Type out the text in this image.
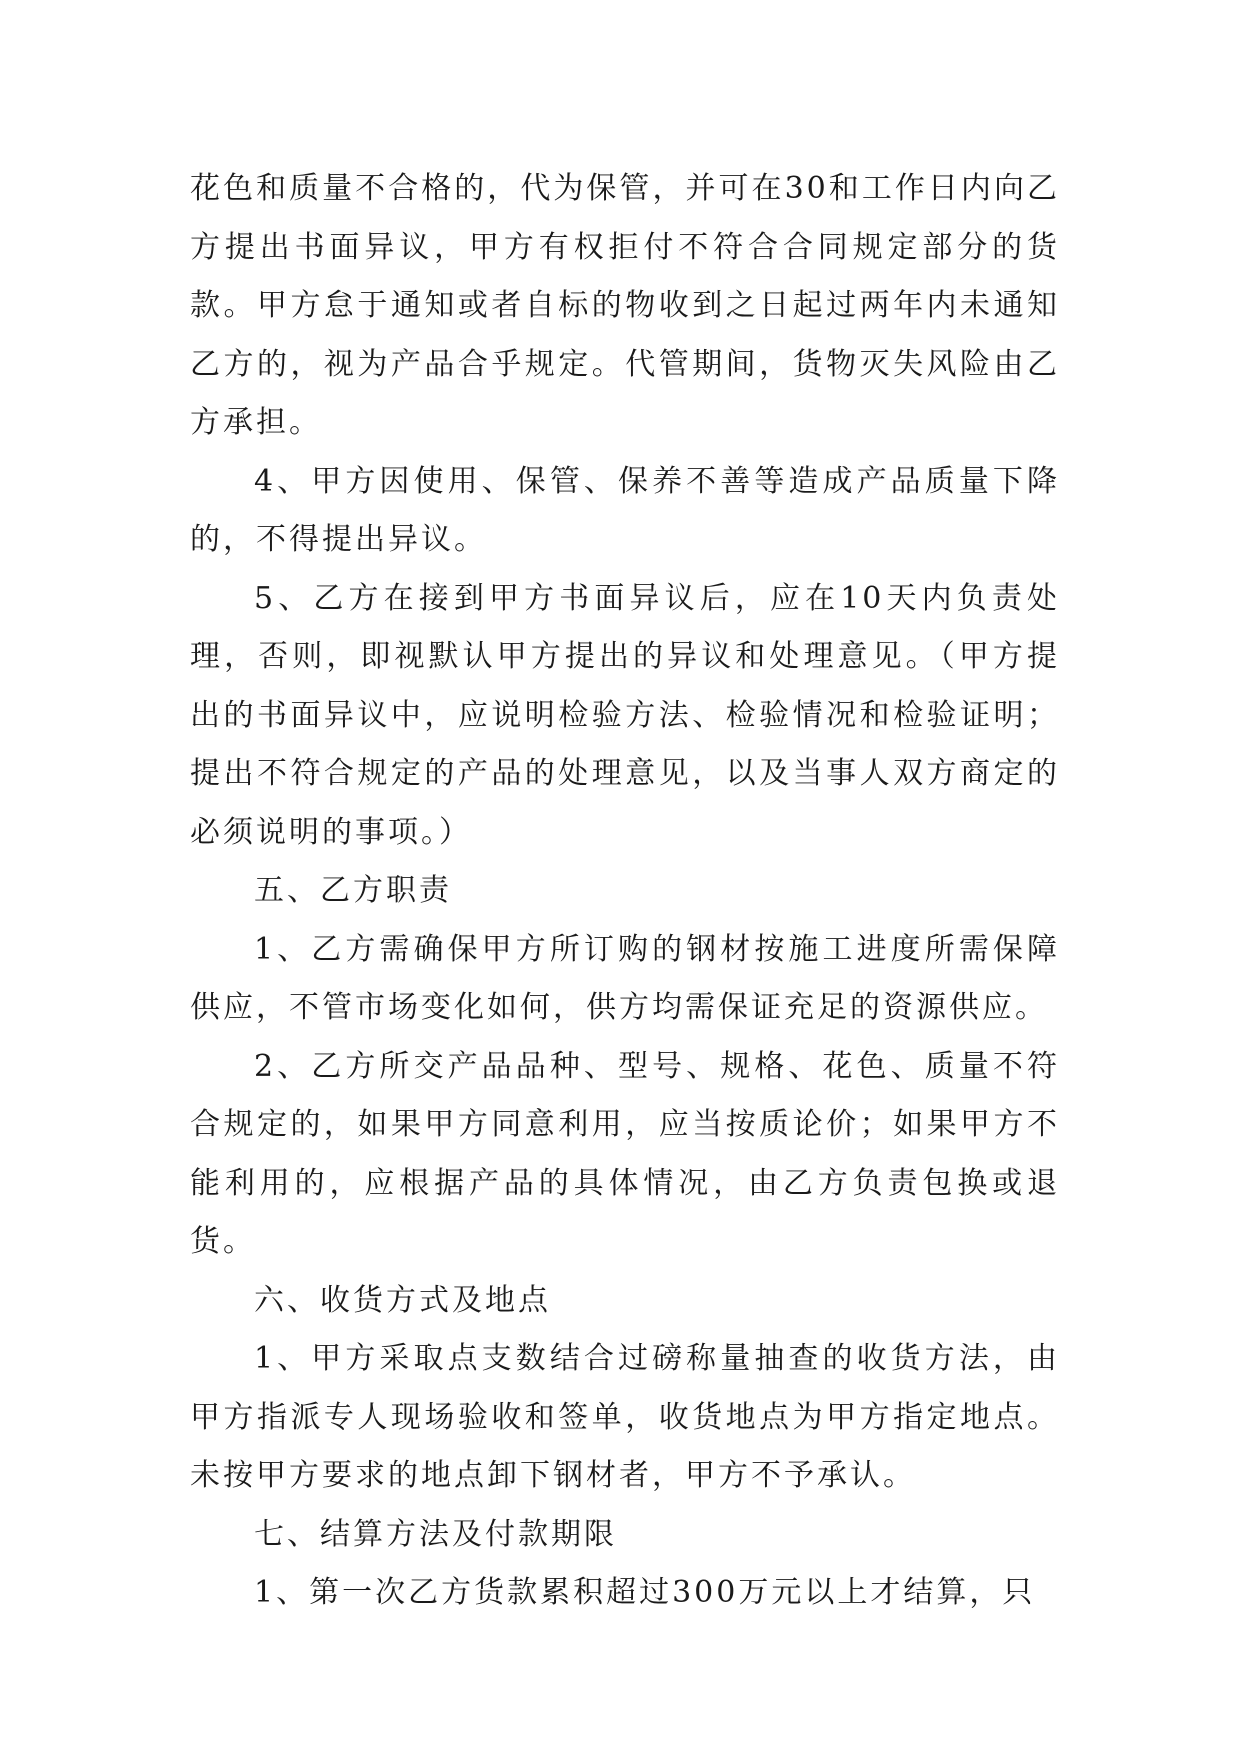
花色和质量不合格的，代为保管，并可在30和工作日内向乙方提出书面异议，甲方有权拒付不符合合同规定部分的货款。甲方怠于通知或者自标的物收到之日起过两年内未通知乙方的，视为产品合乎规定。代管期间，货物灭失风险由乙方承担。

4、甲方因使用、保管、保养不善等造成产品质量下降的，不得提出异议。

5、乙方在接到甲方书面异议后，应在10天内负责处理，否则，即视默认甲方提出的异议和处理意见。（甲方提出的书面异议中，应说明检验方法、检验情况和检验证明；提出不符合规定的产品的处理意见，以及当事人双方商定的必须说明的事项。）

五、乙方职责

1、乙方需确保甲方所订购的钢材按施工进度所需保障供应，不管市场变化如何，供方均需保证充足的资源供应。

2、乙方所交产品品种、型号、规格、花色、质量不符合规定的，如果甲方同意利用，应当按质论价；如果甲方不能利用的，应根据产品的具体情况，由乙方负责包换或退货。

六、收货方式及地点

1、甲方采取点支数结合过磅称量抽查的收货方法，由甲方指派专人现场验收和签单，收货地点为甲方指定地点。未按甲方要求的地点卸下钢材者，甲方不予承认。

七、结算方法及付款期限

1、第一次乙方货款累积超过300万元以上才结算，只
